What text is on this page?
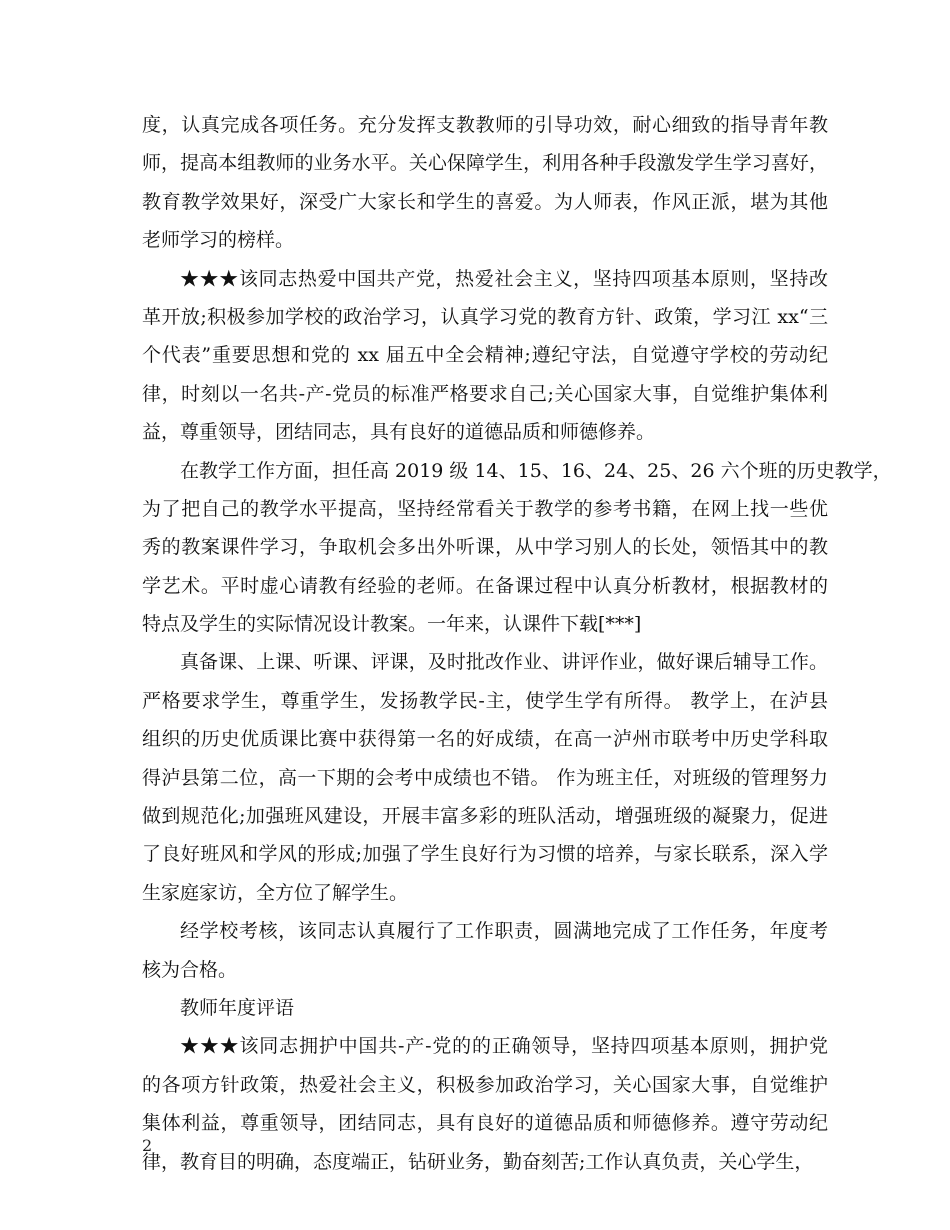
度，认真完成各项任务。充分发挥支教教师的引导功效，耐心细致的指导青年教
师，提高本组教师的业务水平。关心保障学生，利用各种手段激发学生学习喜好，
教育教学效果好，深受广大家长和学生的喜爱。为人师表，作风正派，堪为其他
老师学习的榜样。
★★★该同志热爱中国共产党，热爱社会主义，坚持四项基本原则，坚持改
革开放;积极参加学校的政治学习，认真学习党的教育方针、政策，学习江 xx“三
个代表”重要思想和党的 xx 届五中全会精神;遵纪守法，自觉遵守学校的劳动纪
律，时刻以一名共-产-党员的标准严格要求自己;关心国家大事，自觉维护集体利
益，尊重领导，团结同志，具有良好的道德品质和师德修养。
在教学工作方面，担任高 2019 级 14、15、16、24、25、26 六个班的历史教学，
为了把自己的教学水平提高，坚持经常看关于教学的参考书籍，在网上找一些优
秀的教案课件学习，争取机会多出外听课，从中学习别人的长处，领悟其中的教
学艺术。平时虚心请教有经验的老师。在备课过程中认真分析教材，根据教材的
特点及学生的实际情况设计教案。一年来，认课件下载[***]
真备课、上课、听课、评课，及时批改作业、讲评作业，做好课后辅导工作。
严格要求学生，尊重学生，发扬教学民-主，使学生学有所得。 教学上，在泸县
组织的历史优质课比赛中获得第一名的好成绩，在高一泸州市联考中历史学科取
得泸县第二位，高一下期的会考中成绩也不错。 作为班主任，对班级的管理努力
做到规范化;加强班风建设，开展丰富多彩的班队活动，增强班级的凝聚力，促进
了良好班风和学风的形成;加强了学生良好行为习惯的培养，与家长联系，深入学
生家庭家访，全方位了解学生。
经学校考核，该同志认真履行了工作职责，圆满地完成了工作任务，年度考
核为合格。
教师年度评语
★★★该同志拥护中国共-产-党的的正确领导，坚持四项基本原则，拥护党
的各项方针政策，热爱社会主义，积极参加政治学习，关心国家大事，自觉维护
集体利益，尊重领导，团结同志，具有良好的道德品质和师德修养。遵守劳动纪
律，教育目的明确，态度端正，钻研业务，勤奋刻苦;工作认真负责，关心学生，
2
